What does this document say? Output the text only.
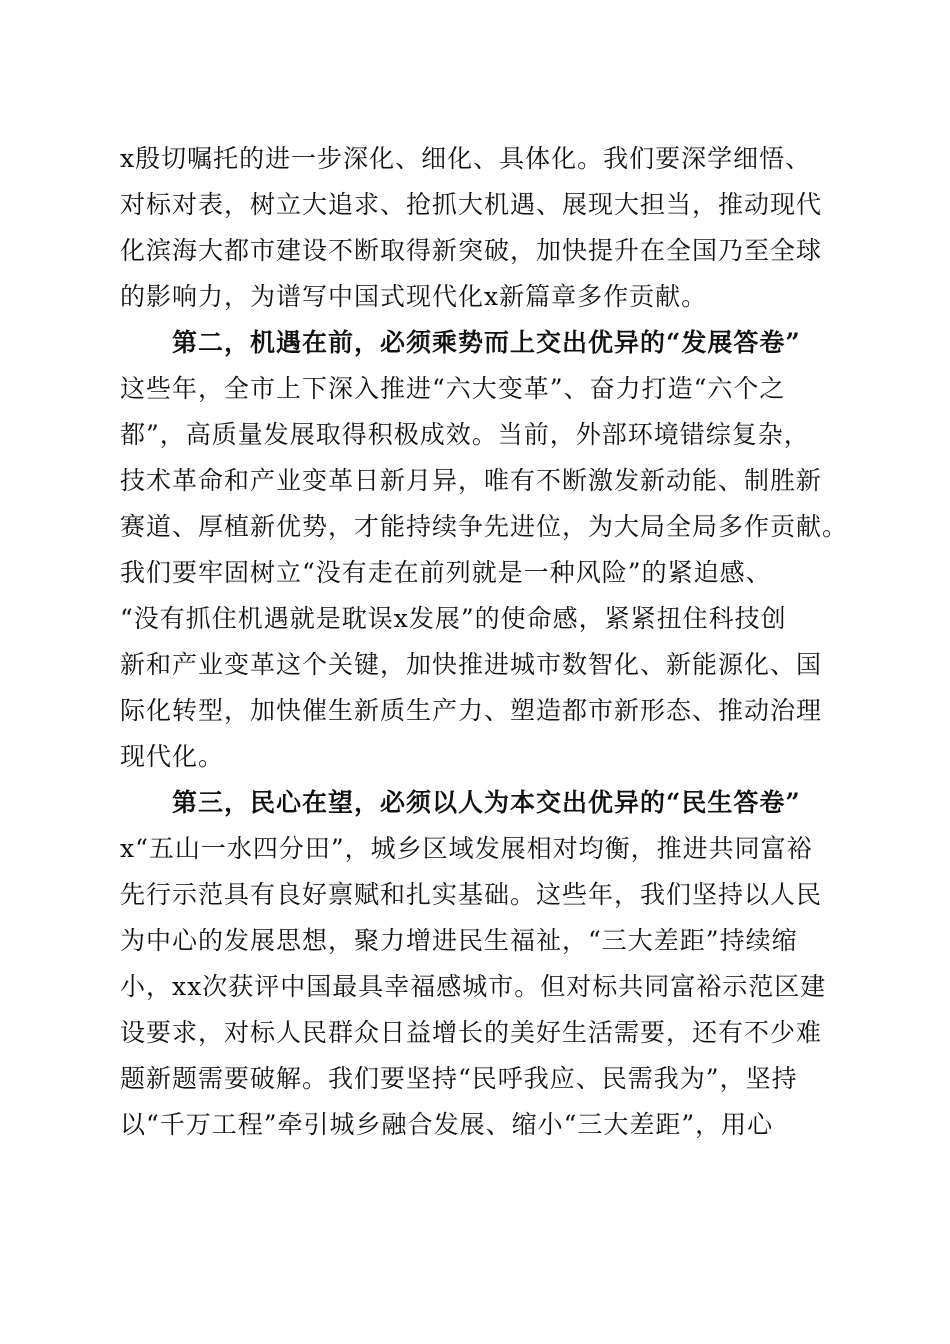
x殷切嘱托的进一步深化、细化、具体化。我们要深学细悟、
对标对表，树立大追求、抢抓大机遇、展现大担当，推动现代
化滨海大都市建设不断取得新突破，加快提升在全国乃至全球
的影响力，为谱写中国式现代化x新篇章多作贡献。
第二，机遇在前，必须乘势而上交出优异的“发展答卷”
这些年，全市上下深入推进“六大变革”、奋力打造“六个之
都”，高质量发展取得积极成效。当前，外部环境错综复杂，
技术革命和产业变革日新月异，唯有不断激发新动能、制胜新
赛道、厚植新优势，才能持续争先进位，为大局全局多作贡献。
我们要牢固树立“没有走在前列就是一种风险”的紧迫感、
“没有抓住机遇就是耽误x发展”的使命感，紧紧扭住科技创
新和产业变革这个关键，加快推进城市数智化、新能源化、国
际化转型，加快催生新质生产力、塑造都市新形态、推动治理
现代化。
第三，民心在望，必须以人为本交出优异的“民生答卷”
x“五山一水四分田”，城乡区域发展相对均衡，推进共同富裕
先行示范具有良好禀赋和扎实基础。这些年，我们坚持以人民
为中心的发展思想，聚力增进民生福祉，“三大差距”持续缩
小，xx次获评中国最具幸福感城市。但对标共同富裕示范区建
设要求，对标人民群众日益增长的美好生活需要，还有不少难
题新题需要破解。我们要坚持“民呼我应、民需我为”，坚持
以“千万工程”牵引城乡融合发展、缩小“三大差距”，用心
